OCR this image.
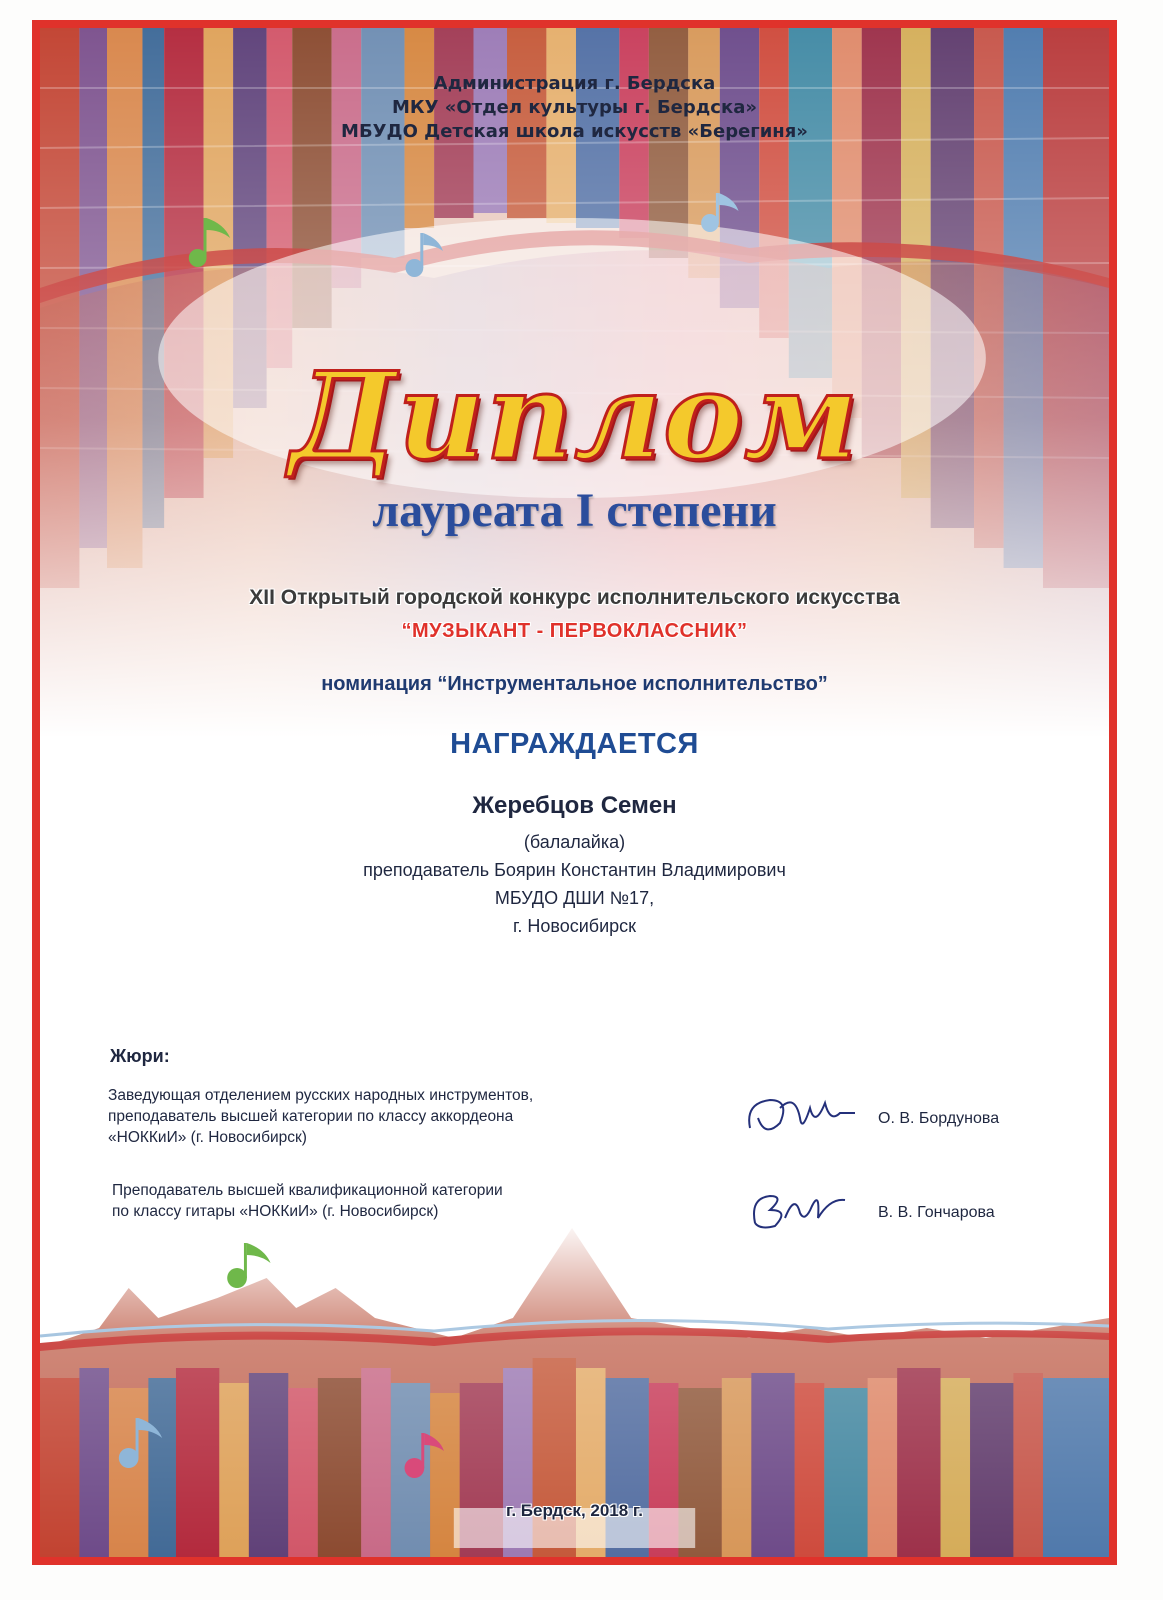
Администрация г. Бердска
МКУ «Отдел культуры г. Бердска»
МБУДО Детская школа искусств «Берегиня»
Диплом
лауреата I степени
XII Открытый городской конкурс исполнительского искусства
“МУЗЫКАНТ - ПЕРВОКЛАССНИК”
номинация “Инструментальное исполнительство”
НАГРАЖДАЕТСЯ
Жеребцов Семен
(балалайка)
преподаватель Боярин Константин Владимирович
МБУДО ДШИ №17,
г. Новосибирск
Жюри:
Заведующая отделением русских народных инструментов,
преподаватель высшей категории по классу аккордеона
«НОККиИ» (г. Новосибирск)
О. В. Бордунова
Преподаватель высшей квалификационной категории
по классу гитары «НОККиИ» (г. Новосибирск)	В. В. Гончарова
г. Бердск, 2018 г.
